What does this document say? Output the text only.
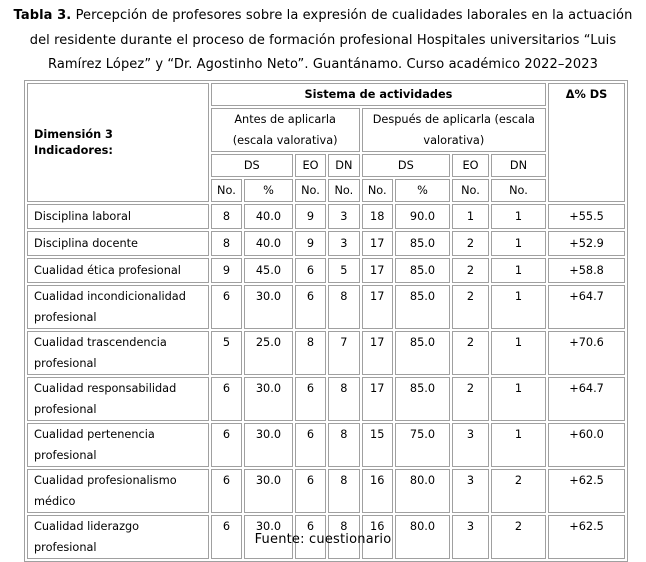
Tabla 3. Percepción de profesores sobre la expresión de cualidades laborales en la actuación del residente durante el proceso de formación profesional Hospitales universitarios “Luis Ramírez López” y “Dr. Agostinho Neto”. Guantánamo. Curso académico 2022–2023
Dimensión 3
Indicadores:	Sistema de actividades								Δ% DS
	Antes de aplicarla (escala valorativa)				Después de aplicarla (escala valorativa)				
	DS		EO	DN	DS		EO	DN	
	No.	%	No.	No.	No.	%	No.	No.	
Disciplina laboral	8	40.0	9	3	18	90.0	1	1	+55.5
Disciplina docente	8	40.0	9	3	17	85.0	2	1	+52.9
Cualidad ética profesional	9	45.0	6	5	17	85.0	2	1	+58.8
Cualidad incondicionalidad profesional	6	30.0	6	8	17	85.0	2	1	+64.7
Cualidad trascendencia profesional	5	25.0	8	7	17	85.0	2	1	+70.6
Cualidad responsabilidad profesional	6	30.0	6	8	17	85.0	2	1	+64.7
Cualidad pertenencia profesional	6	30.0	6	8	15	75.0	3	1	+60.0
Cualidad profesionalismo médico	6	30.0	6	8	16	80.0	3	2	+62.5
Cualidad liderazgo profesional	6	30.0	6	8	16	80.0	3	2	+62.5
Fuente: cuestionario
